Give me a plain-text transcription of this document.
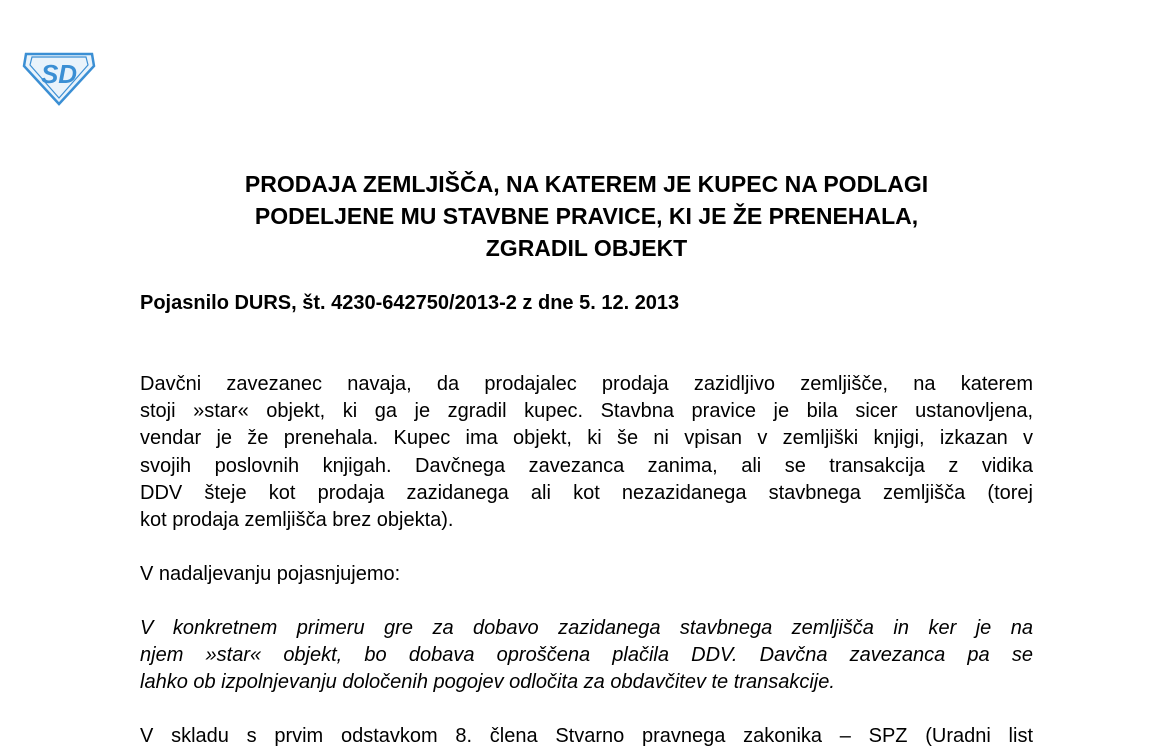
SD
PRODAJA ZEMLJIŠČA, NA KATEREM JE KUPEC NA PODLAGI
PODELJENE MU STAVBNE PRAVICE, KI JE ŽE PRENEHALA,
ZGRADIL OBJEKT

Pojasnilo DURS, št. 4230-642750/2013-2 z dne 5. 12. 2013

Davčni zavezanec navaja, da prodajalec prodaja zazidljivo zemljišče, na katerem
stoji »star« objekt, ki ga je zgradil kupec. Stavbna pravice je bila sicer ustanovljena,
vendar je že prenehala. Kupec ima objekt, ki še ni vpisan v zemljiški knjigi, izkazan v
svojih poslovnih knjigah. Davčnega zavezanca zanima, ali se transakcija z vidika
DDV šteje kot prodaja zazidanega ali kot nezazidanega stavbnega zemljišča (torej
kot prodaja zemljišča brez objekta).

V nadaljevanju pojasnjujemo:

V konkretnem primeru gre za dobavo zazidanega stavbnega zemljišča in ker je na
njem »star« objekt, bo dobava oproščena plačila DDV. Davčna zavezanca pa se
lahko ob izpolnjevanju določenih pogojev odločita za obdavčitev te transakcije.

V skladu s prvim odstavkom 8. člena Stvarno pravnega zakonika – SPZ (Uradni list
